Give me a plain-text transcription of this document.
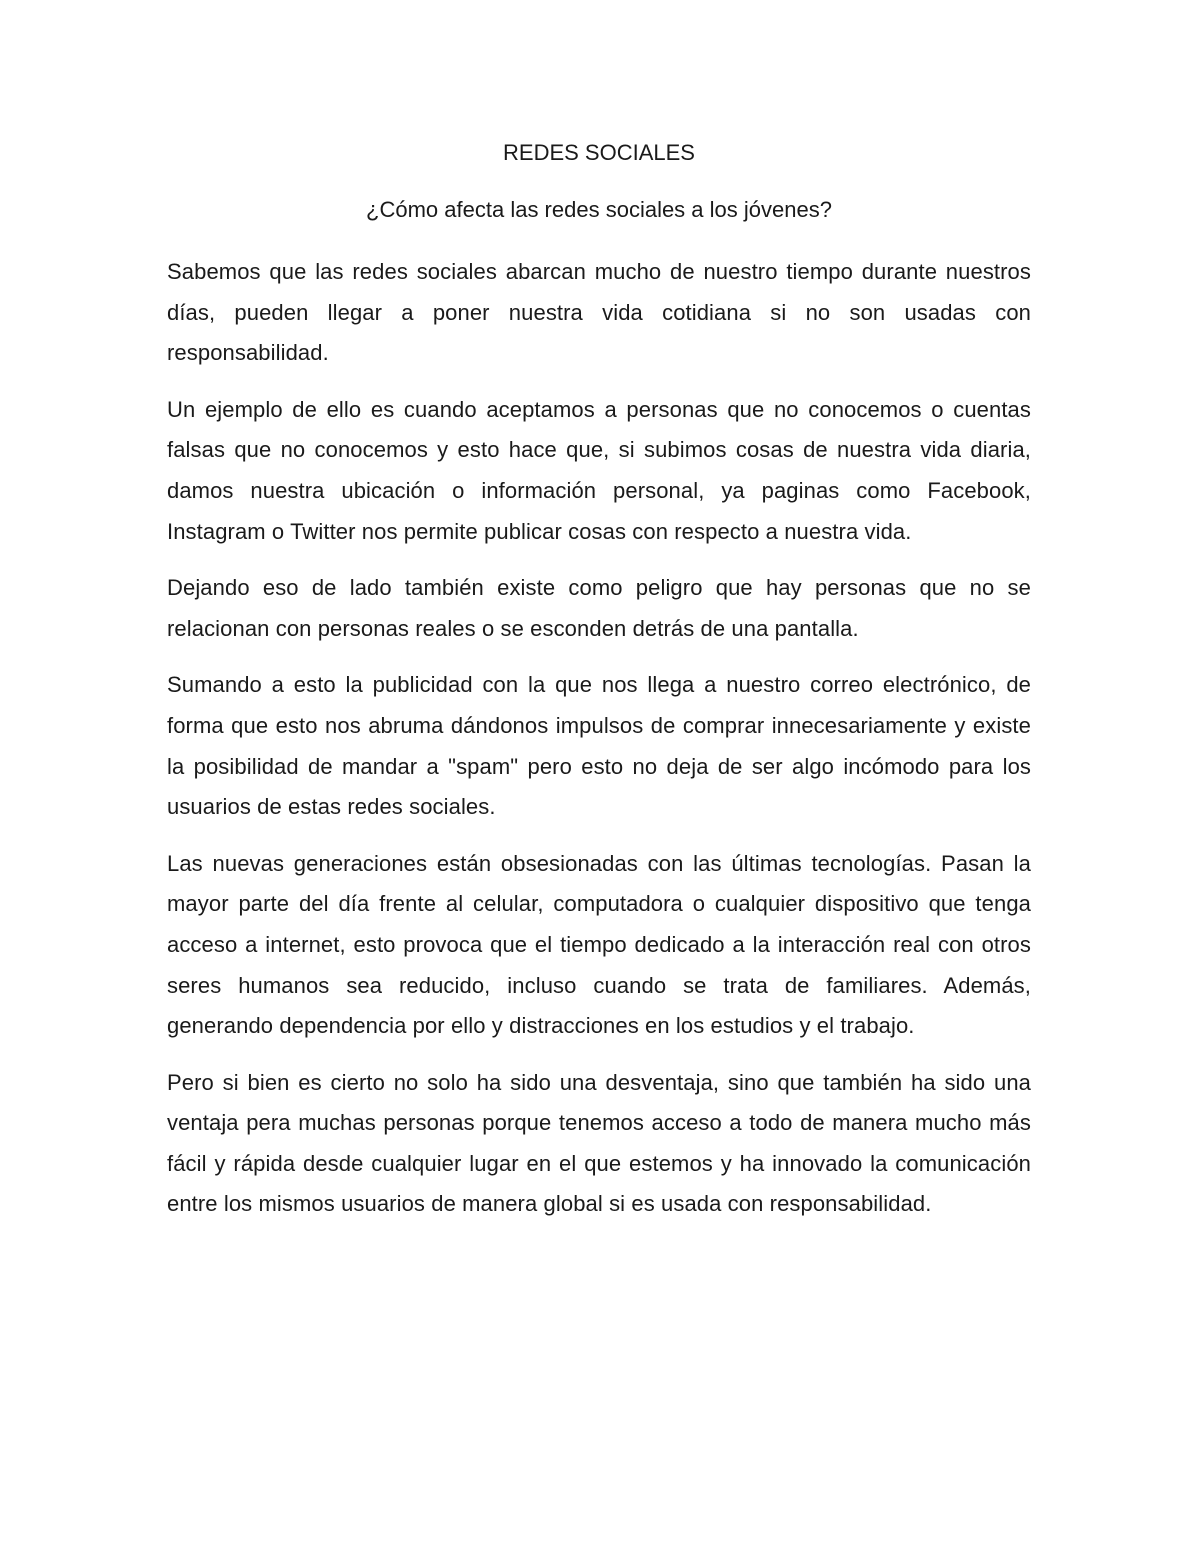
REDES SOCIALES
¿Cómo afecta las redes sociales a los jóvenes?

Sabemos que las redes sociales abarcan mucho de nuestro tiempo durante nuestros días, pueden llegar a poner nuestra vida cotidiana si no son usadas con responsabilidad.

Un ejemplo de ello es cuando aceptamos a personas que no conocemos o cuentas falsas que no conocemos y esto hace que, si subimos cosas de nuestra vida diaria, damos nuestra ubicación o información personal, ya paginas como Facebook, Instagram o Twitter nos permite publicar cosas con respecto a nuestra vida.

Dejando eso de lado también existe como peligro que hay personas que no se relacionan con personas reales o se esconden detrás de una pantalla.

Sumando a esto la publicidad con la que nos llega a nuestro correo electrónico, de forma que esto nos abruma dándonos impulsos de comprar innecesariamente y existe la posibilidad de mandar a "spam" pero esto no deja de ser algo incómodo para los usuarios de estas redes sociales.

Las nuevas generaciones están obsesionadas con las últimas tecnologías. Pasan la mayor parte del día frente al celular, computadora o cualquier dispositivo que tenga acceso a internet, esto provoca que el tiempo dedicado a la interacción real con otros seres humanos sea reducido, incluso cuando se trata de familiares. Además, generando dependencia por ello y distracciones en los estudios y el trabajo.

Pero si bien es cierto no solo ha sido una desventaja, sino que también ha sido una ventaja pera muchas personas porque tenemos acceso a todo de manera mucho más fácil y rápida desde cualquier lugar en el que estemos y ha innovado la comunicación entre los mismos usuarios de manera global si es usada con responsabilidad.
